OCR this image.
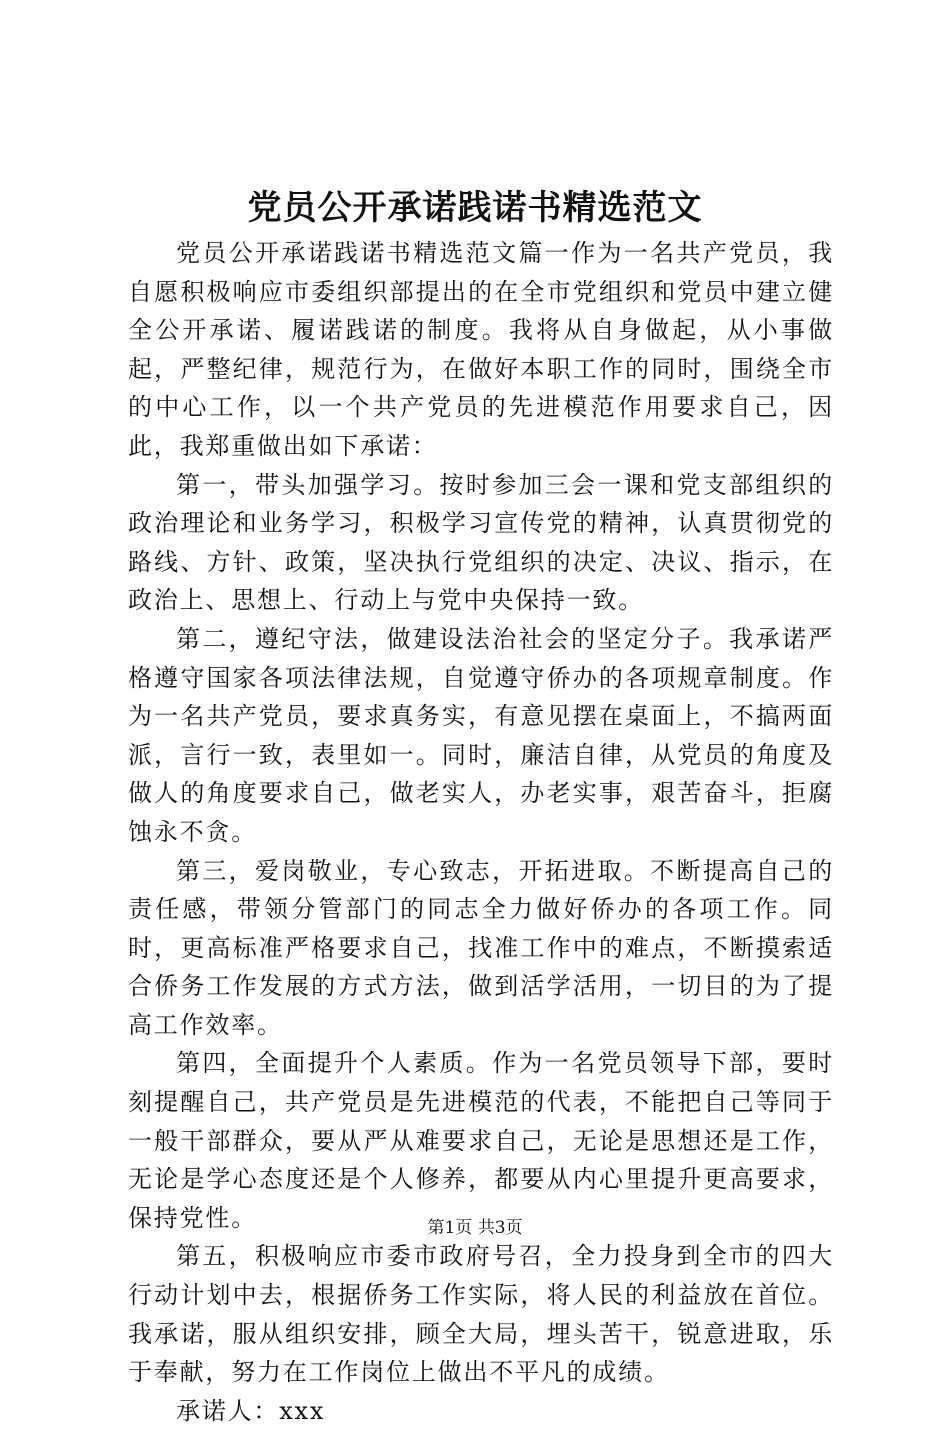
党员公开承诺践诺书精选范文

党员公开承诺践诺书精选范文篇一作为一名共产党员，我自愿积极响应市委组织部提出的在全市党组织和党员中建立健全公开承诺、履诺践诺的制度。我将从自身做起，从小事做起，严整纪律，规范行为，在做好本职工作的同时，围绕全市的中心工作，以一个共产党员的先进模范作用要求自己，因此，我郑重做出如下承诺：

第一，带头加强学习。按时参加三会一课和党支部组织的政治理论和业务学习，积极学习宣传党的精神，认真贯彻党的路线、方针、政策，坚决执行党组织的决定、决议、指示，在政治上、思想上、行动上与党中央保持一致。

第二，遵纪守法，做建设法治社会的坚定分子。我承诺严格遵守国家各项法律法规，自觉遵守侨办的各项规章制度。作为一名共产党员，要求真务实，有意见摆在桌面上，不搞两面派，言行一致，表里如一。同时，廉洁自律，从党员的角度及做人的角度要求自己，做老实人，办老实事，艰苦奋斗，拒腐蚀永不贪。

第三，爱岗敬业，专心致志，开拓进取。不断提高自己的责任感，带领分管部门的同志全力做好侨办的各项工作。同时，更高标准严格要求自己，找准工作中的难点，不断摸索适合侨务工作发展的方式方法，做到活学活用，一切目的为了提高工作效率。

第四，全面提升个人素质。作为一名党员领导下部，要时刻提醒自己，共产党员是先进模范的代表，不能把自己等同于一般干部群众，要从严从难要求自己，无论是思想还是工作，无论是学心态度还是个人修养，都要从内心里提升更高要求，保持党性。

第五，积极响应市委市政府号召，全力投身到全市的四大行动计划中去，根据侨务工作实际，将人民的利益放在首位。我承诺，服从组织安排，顾全大局，埋头苦干，锐意进取，乐于奉献，努力在工作岗位上做出不平凡的成绩。

承诺人：xxx

第1页 共3页
